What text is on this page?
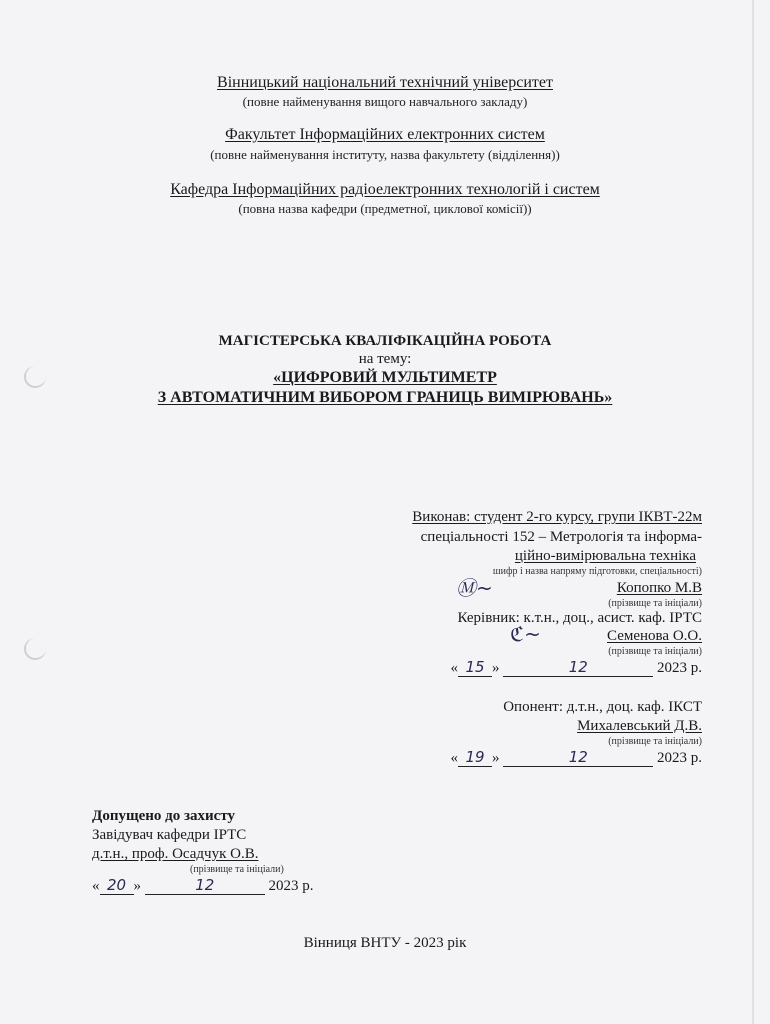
Вінницький національний технічний університет
(повне найменування вищого навчального закладу)
Факультет Інформаційних електронних систем
(повне найменування інституту, назва факультету (відділення))
Кафедра Інформаційних радіоелектронних технологій і систем
(повна назва кафедри (предметної, циклової комісії))
МАГІСТЕРСЬКА КВАЛІФІКАЦІЙНА РОБОТА
на тему:
«ЦИФРОВИЙ МУЛЬТИМЕТР
З АВТОМАТИЧНИМ ВИБОРОМ ГРАНИЦЬ ВИМІРЮВАНЬ»
Виконав: студент 2-го курсу, групи ІКВТ-22м
спеціальності 152 – Метрологія та інформа-
ційно-вимірювальна техніка
шифр і назва напряму підготовки, спеціальності)
Ⓜ~	Копопко М.В
(прізвище та ініціали)
Керівник: к.т.н., доц., асист. каф. ІРТС
ℭ~	Семенова О.О.
(прізвище та ініціали)
« 15 »	12	2023 р.
Опонент: д.т.н., доц. каф. ІКСТ
Михалевський Д.В.
(прізвище та ініціали)
« 19 »	12	2023 р.
Допущено до захисту
Завідувач кафедри ІРТС
д.т.н., проф. Осадчук О.В.
(прізвище та ініціали)
« 20 »	12	2023 р.
Вінниця ВНТУ - 2023 рік
